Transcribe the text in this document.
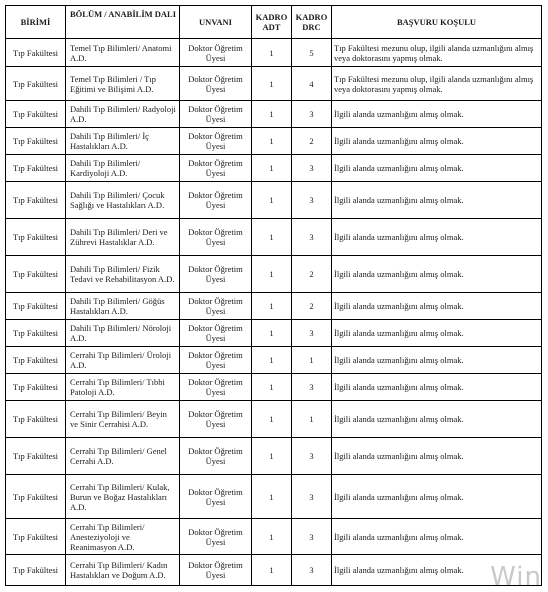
BİRİMİ	BÖLÜM / ANABİLİM DALI	UNVANI	KADRO ADT	KADRO DRC	BAŞVURU KOŞULU
Tıp Fakültesi	Temel Tıp Bilimleri/ Anatomi A.D.	Doktor Öğretim Üyesi	1	5	Tıp Fakültesi mezunu olup, ilgili alanda uzmanlığını almış veya doktorasını yapmış olmak.
Tıp Fakültesi	Temel Tıp Bilimleri / Tıp Eğitimi ve Bilişimi A.D.	Doktor Öğretim Üyesi	1	4	Tıp Fakültesi mezunu olup, ilgili alanda uzmanlığını almış veya doktorasını yapmış olmak.
Tıp Fakültesi	Dahili Tıp Bilimleri/ Radyoloji A.D.	Doktor Öğretim Üyesi	1	3	İlgili alanda uzmanlığını almış olmak.
Tıp Fakültesi	Dahili Tıp Bilimleri/ İç Hastalıkları A.D.	Doktor Öğretim Üyesi	1	2	İlgili alanda uzmanlığını almış olmak.
Tıp Fakültesi	Dahili Tıp Bilimleri/ Kardiyoloji A.D.	Doktor Öğretim Üyesi	1	3	İlgili alanda uzmanlığını almış olmak.
Tıp Fakültesi	Dahili Tıp Bilimleri/ Çocuk Sağlığı ve Hastalıkları A.D.	Doktor Öğretim Üyesi	1	3	İlgili alanda uzmanlığını almış olmak.
Tıp Fakültesi	Dahili Tıp Bilimleri/ Deri ve Zührevi Hastalıklar A.D.	Doktor Öğretim Üyesi	1	3	İlgili alanda uzmanlığını almış olmak.
Tıp Fakültesi	Dahili Tıp Bilimleri/ Fizik Tedavi ve Rehabilitasyon A.D.	Doktor Öğretim Üyesi	1	2	İlgili alanda uzmanlığını almış olmak.
Tıp Fakültesi	Dahili Tıp Bilimleri/ Göğüs Hastalıkları A.D.	Doktor Öğretim Üyesi	1	2	İlgili alanda uzmanlığını almış olmak.
Tıp Fakültesi	Dahili Tıp Bilimleri/ Nöroloji A.D.	Doktor Öğretim Üyesi	1	3	İlgili alanda uzmanlığını almış olmak.
Tıp Fakültesi	Cerrahi Tıp Bilimleri/ Üroloji A.D.	Doktor Öğretim Üyesi	1	1	İlgili alanda uzmanlığını almış olmak.
Tıp Fakültesi	Cerrahi Tıp Bilimleri/ Tıbbi Patoloji A.D.	Doktor Öğretim Üyesi	1	3	İlgili alanda uzmanlığını almış olmak.
Tıp Fakültesi	Cerrahi Tıp Bilimleri/ Beyin ve Sinir Cerrahisi A.D.	Doktor Öğretim Üyesi	1	1	İlgili alanda uzmanlığını almış olmak.
Tıp Fakültesi	Cerrahi Tıp Bilimleri/ Genel Cerrahi A.D.	Doktor Öğretim Üyesi	1	3	İlgili alanda uzmanlığını almış olmak.
Tıp Fakültesi	Cerrahi Tıp Bilimleri/ Kulak, Burun ve Boğaz Hastalıkları A.D.	Doktor Öğretim Üyesi	1	3	İlgili alanda uzmanlığını almış olmak.
Tıp Fakültesi	Cerrahi Tıp Bilimleri/ Anesteziyoloji ve Reanimasyon A.D.	Doktor Öğretim Üyesi	1	3	İlgili alanda uzmanlığını almış olmak.
Tıp Fakültesi	Cerrahi Tıp Bilimleri/ Kadın Hastalıkları ve Doğum A.D.	Doktor Öğretim Üyesi	1	3	İlgili alanda uzmanlığını almış olmak. Win
